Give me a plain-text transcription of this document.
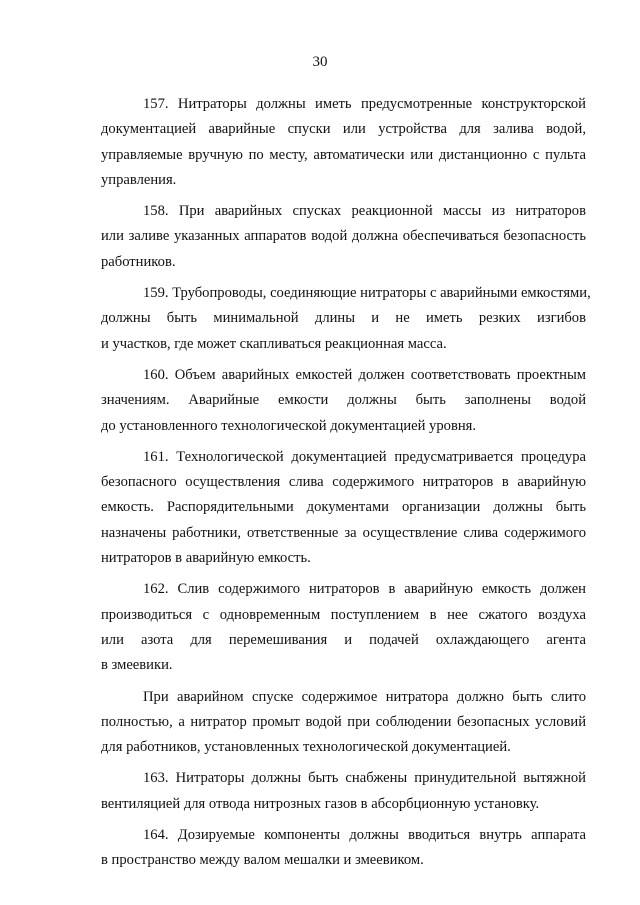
30
157. Нитраторы должны иметь предусмотренные конструкторской
документацией аварийные спуски или устройства для залива водой,
управляемые вручную по месту, автоматически или дистанционно с пульта
управления.
158. При аварийных спусках реакционной массы из нитраторов
или заливе указанных аппаратов водой должна обеспечиваться безопасность
работников.
159. Трубопроводы, соединяющие нитраторы с аварийными емкостями,
должны быть минимальной длины и не иметь резких изгибов
и участков, где может скапливаться реакционная масса.
160. Объем аварийных емкостей должен соответствовать проектным
значениям. Аварийные емкости должны быть заполнены водой
до установленного технологической документацией уровня.
161. Технологической документацией предусматривается процедура
безопасного осуществления слива содержимого нитраторов в аварийную
емкость. Распорядительными документами организации должны быть
назначены работники, ответственные за осуществление слива содержимого
нитраторов в аварийную емкость.
162. Слив содержимого нитраторов в аварийную емкость должен
производиться с одновременным поступлением в нее сжатого воздуха
или азота для перемешивания и подачей охлаждающего агента
в змеевики.
При аварийном спуске содержимое нитратора должно быть слито
полностью, а нитратор промыт водой при соблюдении безопасных условий
для работников, установленных технологической документацией.
163. Нитраторы должны быть снабжены принудительной вытяжной
вентиляцией для отвода нитрозных газов в абсорбционную установку.
164. Дозируемые компоненты должны вводиться внутрь аппарата
в пространство между валом мешалки и змеевиком.
